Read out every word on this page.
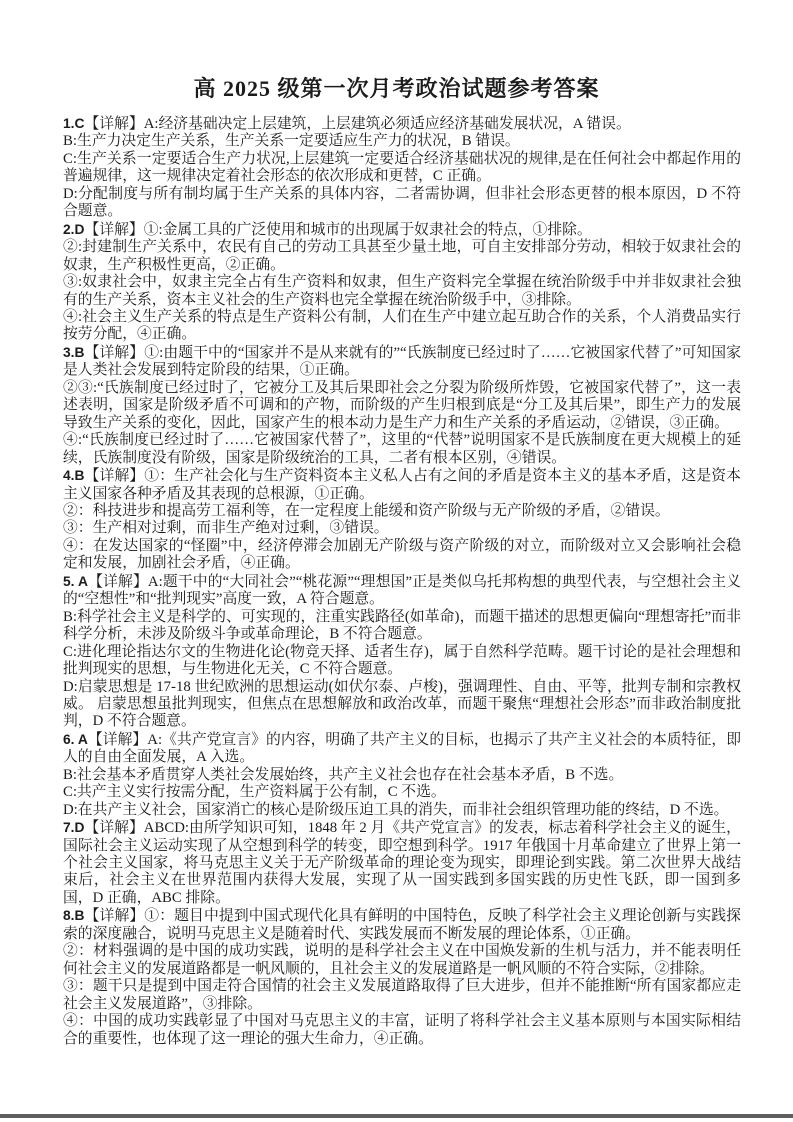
高 2025 级第一次月考政治试题参考答案

1.C【详解】A:经济基础决定上层建筑，上层建筑必须适应经济基础发展状况，A 错误。

B:生产力决定生产关系，生产关系一定要适应生产力的状况，B 错误。

C:生产关系一定要适合生产力状况,上层建筑一定要适合经济基础状况的规律,是在任何社会中都起作用的普遍规律，这一规律决定着社会形态的依次形成和更替，C 正确。

D:分配制度与所有制均属于生产关系的具体内容，二者需协调，但非社会形态更替的根本原因，D 不符合题意。

2.D【详解】①:金属工具的广泛使用和城市的出现属于奴隶社会的特点，①排除。

②:封建制生产关系中，农民有自己的劳动工具甚至少量土地，可自主安排部分劳动，相较于奴隶社会的奴隶，生产积极性更高，②正确。

③:奴隶社会中，奴隶主完全占有生产资料和奴隶，但生产资料完全掌握在统治阶级手中并非奴隶社会独有的生产关系，资本主义社会的生产资料也完全掌握在统治阶级手中，③排除。

④:社会主义生产关系的特点是生产资料公有制，人们在生产中建立起互助合作的关系，个人消费品实行按劳分配，④正确。

3.B【详解】①:由题干中的“国家并不是从来就有的”“氏族制度已经过时了……它被国家代替了”可知国家是人类社会发展到特定阶段的结果，①正确。

②③:“氏族制度已经过时了，它被分工及其后果即社会之分裂为阶级所炸毁，它被国家代替了”，这一表述表明，国家是阶级矛盾不可调和的产物，而阶级的产生归根到底是“分工及其后果”，即生产力的发展导致生产关系的变化，因此，国家产生的根本动力是生产力和生产关系的矛盾运动，②错误，③正确。

④:“氏族制度已经过时了……它被国家代替了”，这里的“代替”说明国家不是氏族制度在更大规模上的延续，氏族制度没有阶级，国家是阶级统治的工具，二者有根本区别，④错误。

4.B【详解】①：生产社会化与生产资料资本主义私人占有之间的矛盾是资本主义的基本矛盾，这是资本主义国家各种矛盾及其表现的总根源，①正确。

②：科技进步和提高劳工福利等，在一定程度上能缓和资产阶级与无产阶级的矛盾，②错误。

③：生产相对过剩，而非生产绝对过剩，③错误。

④：在发达国家的“怪圈”中，经济停滞会加剧无产阶级与资产阶级的对立，而阶级对立又会影响社会稳定和发展，加剧社会矛盾，④正确。

5. A【详解】A:题干中的“大同社会”“桃花源”“理想国”正是类似乌托邦构想的典型代表，与空想社会主义的“空想性”和“批判现实”高度一致，A 符合题意。

B:科学社会主义是科学的、可实现的，注重实践路径(如革命)，而题干描述的思想更偏向“理想寄托”而非科学分析，未涉及阶级斗争或革命理论，B 不符合题意。

C:进化理论指达尔文的生物进化论(物竞天择、适者生存)，属于自然科学范畴。题干讨论的是社会理想和批判现实的思想，与生物进化无关，C 不符合题意。

D:启蒙思想是 17-18 世纪欧洲的思想运动(如伏尔泰、卢梭)，强调理性、自由、平等，批判专制和宗教权威。 启蒙思想虽批判现实，但焦点在思想解放和政治改革，而题干聚焦“理想社会形态”而非政治制度批判，D 不符合题意。

6. A【详解】A:《共产党宣言》的内容，明确了共产主义的目标，也揭示了共产主义社会的本质特征，即人的自由全面发展，A 入选。

B:社会基本矛盾贯穿人类社会发展始终，共产主义社会也存在社会基本矛盾，B 不选。

C:共产主义实行按需分配，生产资料属于公有制，C 不选。

D:在共产主义社会，国家消亡的核心是阶级压迫工具的消失，而非社会组织管理功能的终结，D 不选。

7.D【详解】ABCD:由所学知识可知，1848 年 2 月《共产党宣言》的发表，标志着科学社会主义的诞生，国际社会主义运动实现了从空想到科学的转变，即空想到科学。1917 年俄国十月革命建立了世界上第一个社会主义国家，将马克思主义关于无产阶级革命的理论变为现实，即理论到实践。第二次世界大战结束后，社会主义在世界范围内获得大发展，实现了从一国实践到多国实践的历史性飞跃，即一国到多国，D 正确，ABC 排除。

8.B【详解】①：题目中提到中国式现代化具有鲜明的中国特色，反映了科学社会主义理论创新与实践探索的深度融合，说明马克思主义是随着时代、实践发展而不断发展的理论体系，①正确。

②：材料强调的是中国的成功实践，说明的是科学社会主义在中国焕发新的生机与活力，并不能表明任何社会主义的发展道路都是一帆风顺的，且社会主义的发展道路是一帆风顺的不符合实际，②排除。

③：题干只是提到中国走符合国情的社会主义发展道路取得了巨大进步，但并不能推断“所有国家都应走社会主义发展道路”，③排除。

④：中国的成功实践彰显了中国对马克思主义的丰富，证明了将科学社会主义基本原则与本国实际相结合的重要性，也体现了这一理论的强大生命力，④正确。
